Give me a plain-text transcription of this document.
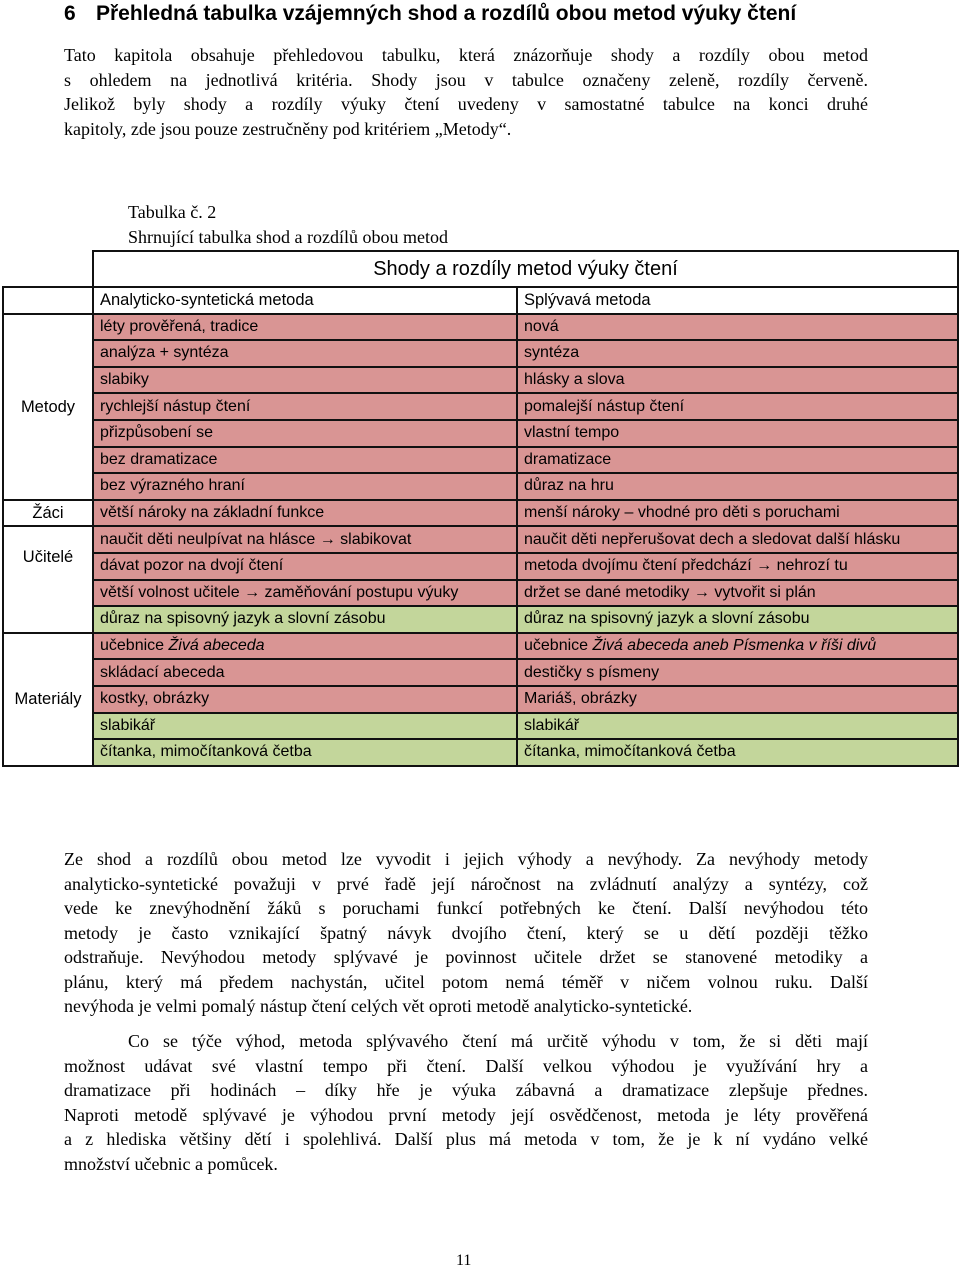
6 Přehledná tabulka vzájemných shod a rozdílů obou metod výuky čtení
Tato kapitola obsahuje přehledovou tabulku, která znázorňuje shody a rozdíly obou metod
s ohledem na jednotlivá kritéria. Shody jsou v tabulce označeny zeleně, rozdíly červeně.
Jelikož byly shody a rozdíly výuky čtení uvedeny v samostatné tabulce na konci druhé
kapitoly, zde jsou pouze zestručněny pod kritériem „Metody“.
Tabulka č. 2
Shrnující tabulka shod a rozdílů obou metod
	Shody a rozdíly metod výuky čtení	
	Analyticko-syntetická metoda	Splývavá metoda
Metody	léty prověřená, tradice	nová
	analýza + syntéza	syntéza
	slabiky	hlásky a slova
	rychlejší nástup čtení	pomalejší nástup čtení
	přizpůsobení se	vlastní tempo
	bez dramatizace	dramatizace
	bez výrazného hraní	důraz na hru
Žáci	větší nároky na základní funkce	menší nároky – vhodné pro děti s poruchami
Učitelé	naučit děti neulpívat na hlásce → slabikovat	naučit děti nepřerušovat dech a sledovat další hlásku
	dávat pozor na dvojí čtení	metoda dvojímu čtení předchází → nehrozí tu
	větší volnost učitele → zaměňování postupu výuky	držet se dané metodiky → vytvořit si plán
	důraz na spisovný jazyk a slovní zásobu	důraz na spisovný jazyk a slovní zásobu
Materiály	učebnice Živá abeceda	učebnice Živá abeceda aneb Písmenka v říši divů
	skládací abeceda	destičky s písmeny
	kostky, obrázky	Mariáš, obrázky
	slabikář	slabikář
	čítanka, mimočítanková četba	čítanka, mimočítanková četba
Ze shod a rozdílů obou metod lze vyvodit i jejich výhody a nevýhody. Za nevýhody metody
analyticko-syntetické považuji v prvé řadě její náročnost na zvládnutí analýzy a syntézy, což
vede ke znevýhodnění žáků s poruchami funkcí potřebných ke čtení. Další nevýhodou této
metody je často vznikající špatný návyk dvojího čtení, který se u dětí později těžko
odstraňuje. Nevýhodou metody splývavé je povinnost učitele držet se stanovené metodiky a
plánu, který má předem nachystán, učitel potom nemá téměř v ničem volnou ruku. Další
nevýhoda je velmi pomalý nástup čtení celých vět oproti metodě analyticko-syntetické.
Co se týče výhod, metoda splývavého čtení má určitě výhodu v tom, že si děti mají
možnost udávat své vlastní tempo při čtení. Další velkou výhodou je využívání hry a
dramatizace při hodinách – díky hře je výuka zábavná a dramatizace zlepšuje přednes.
Naproti metodě splývavé je výhodou první metody její osvědčenost, metoda je léty prověřená
a z hlediska většiny dětí i spolehlivá. Další plus má metoda v tom, že je k ní vydáno velké
množství učebnic a pomůcek.
11
